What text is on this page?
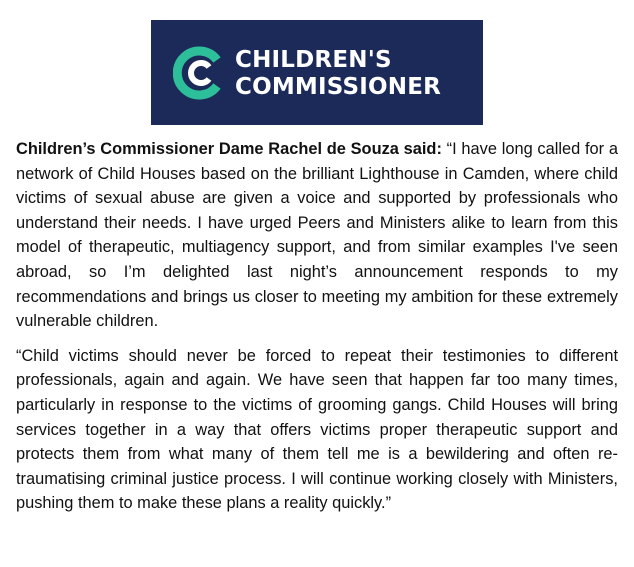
CHILDREN'S
COMMISSIONER

Children’s Commissioner Dame Rachel de Souza said: “I have long called for a network of Child Houses based on the brilliant Lighthouse in Camden, where child victims of sexual abuse are given a voice and supported by professionals who understand their needs. I have urged Peers and Ministers alike to learn from this model of therapeutic, multiagency support, and from similar examples I've seen abroad, so I’m delighted last night’s announcement responds to my recommendations and brings us closer to meeting my ambition for these extremely vulnerable children.

“Child victims should never be forced to repeat their testimonies to different professionals, again and again. We have seen that happen far too many times, particularly in response to the victims of grooming gangs. Child Houses will bring services together in a way that offers victims proper therapeutic support and protects them from what many of them tell me is a bewildering and often re-traumatising criminal justice process. I will continue working closely with Ministers, pushing them to make these plans a reality quickly.”
